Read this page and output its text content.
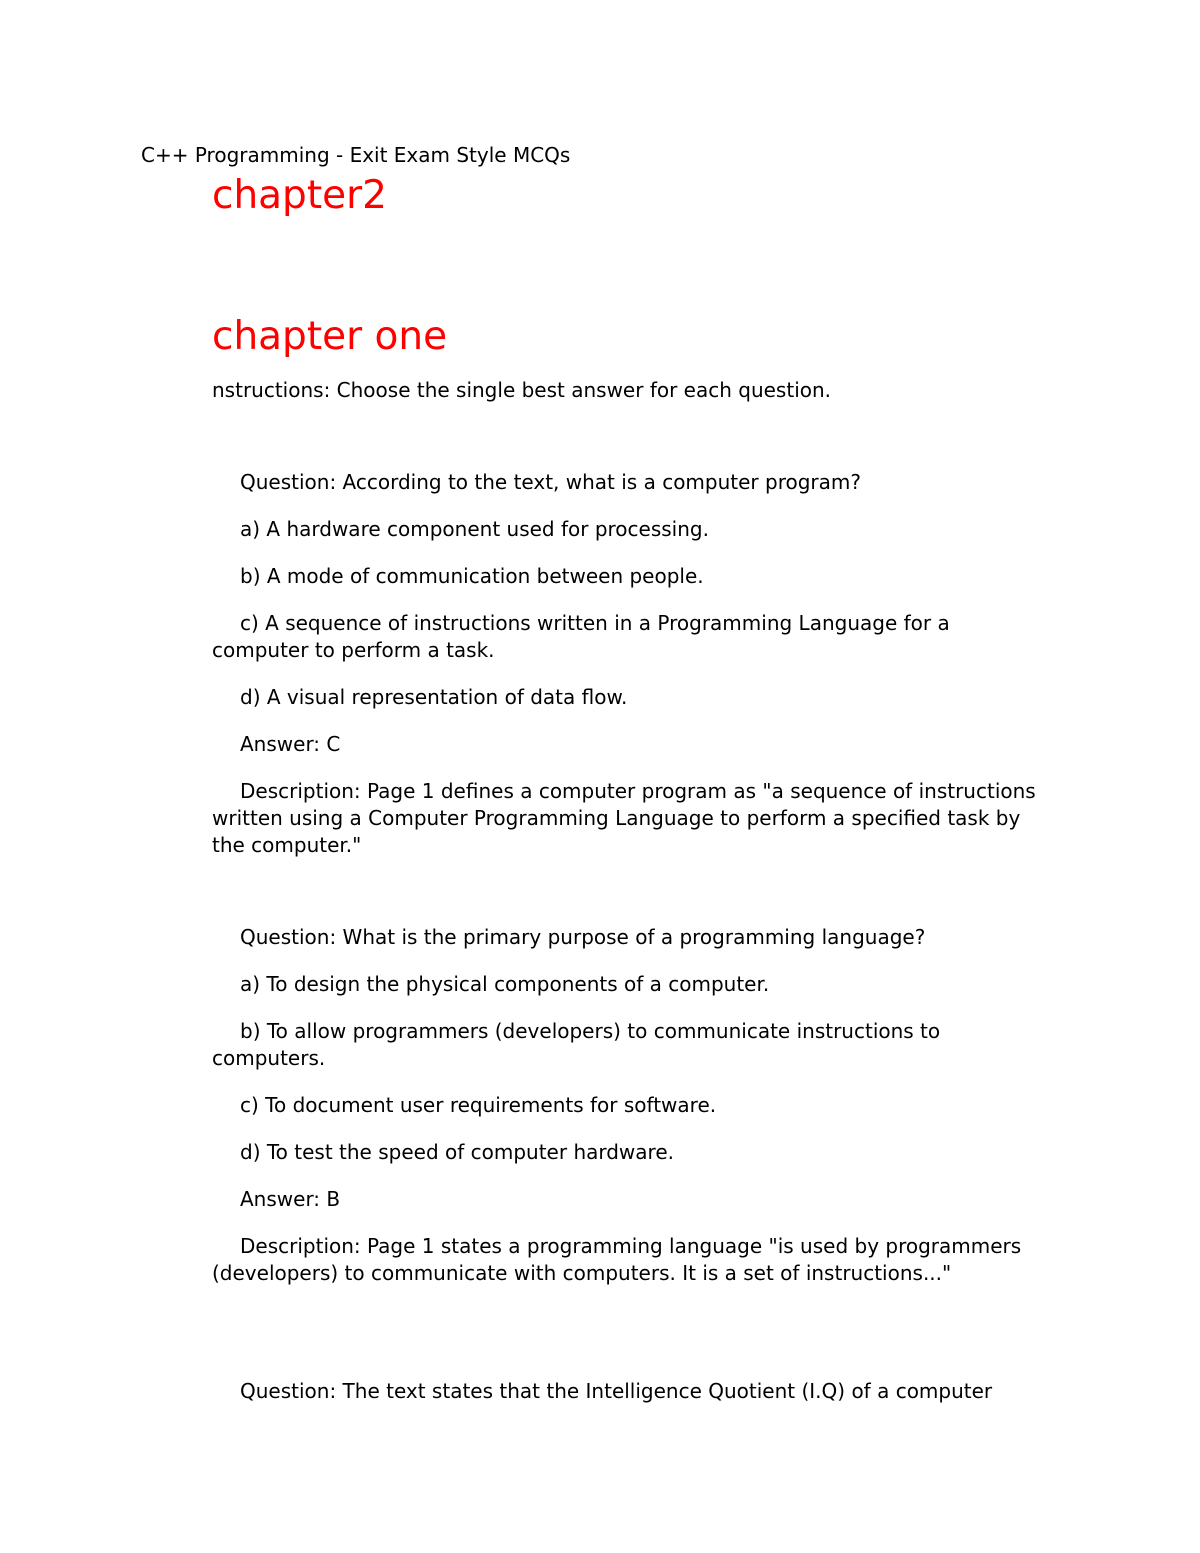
C++ Programming - Exit Exam Style MCQs
chapter2
chapter one
nstructions: Choose the single best answer for each question.

Question: According to the text, what is a computer program?

a) A hardware component used for processing.

b) A mode of communication between people.

c) A sequence of instructions written in a Programming Language for a computer to perform a task.

d) A visual representation of data flow.

Answer: C

Description: Page 1 defines a computer program as "a sequence of instructions written using a Computer Programming Language to perform a specified task by the computer."

Question: What is the primary purpose of a programming language?

a) To design the physical components of a computer.

b) To allow programmers (developers) to communicate instructions to computers.

c) To document user requirements for software.

d) To test the speed of computer hardware.

Answer: B

Description: Page 1 states a programming language "is used by programmers (developers) to communicate with computers. It is a set of instructions..."

Question: The text states that the Intelligence Quotient (I.Q) of a computer
